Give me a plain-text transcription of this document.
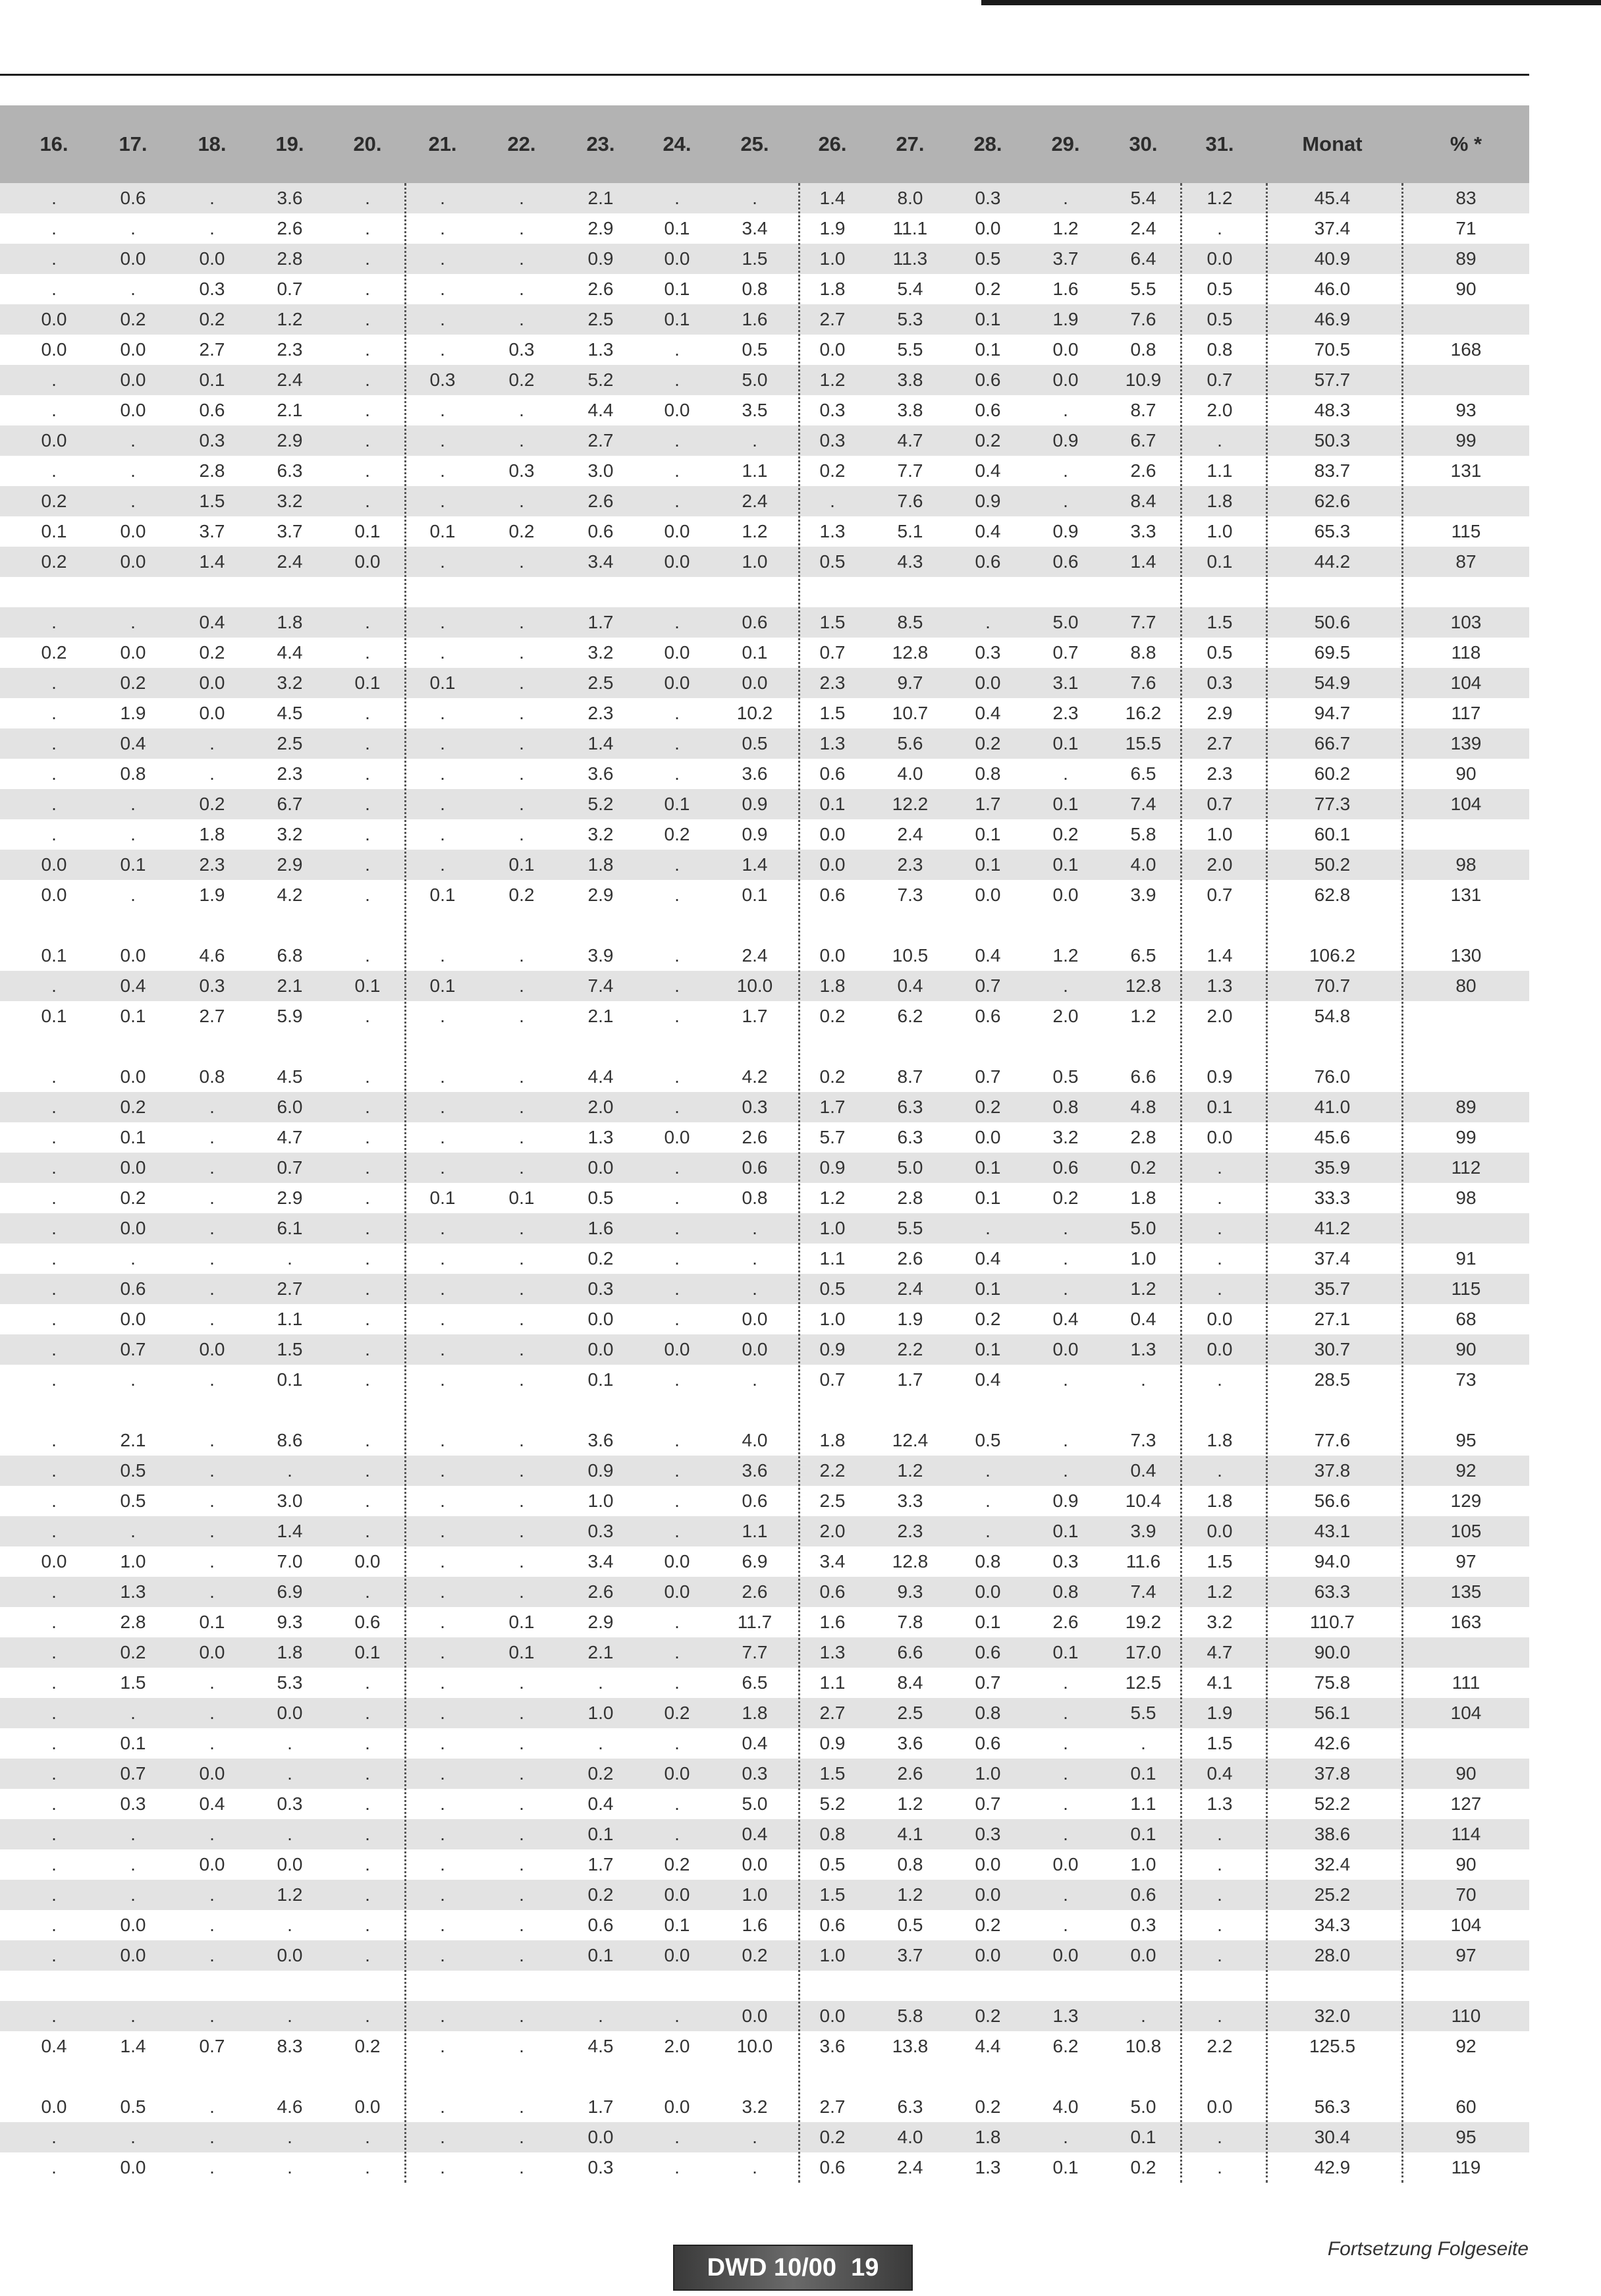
16.	17.	18.	19.	20.	21.	22.	23.	24.	25.	26.	27.	28.	29.	30.	31.	Monat	% *
.	0.6	.	3.6	.	.	.	2.1	.	.	1.4	8.0	0.3	.	5.4	1.2	45.4	83
.	.	.	2.6	.	.	.	2.9	0.1	3.4	1.9	11.1	0.0	1.2	2.4	.	37.4	71
.	0.0	0.0	2.8	.	.	.	0.9	0.0	1.5	1.0	11.3	0.5	3.7	6.4	0.0	40.9	89
.	.	0.3	0.7	.	.	.	2.6	0.1	0.8	1.8	5.4	0.2	1.6	5.5	0.5	46.0	90
0.0	0.2	0.2	1.2	.	.	.	2.5	0.1	1.6	2.7	5.3	0.1	1.9	7.6	0.5	46.9
0.0	0.0	2.7	2.3	.	.	0.3	1.3	.	0.5	0.0	5.5	0.1	0.0	0.8	0.8	70.5	168
.	0.0	0.1	2.4	.	0.3	0.2	5.2	.	5.0	1.2	3.8	0.6	0.0	10.9	0.7	57.7
.	0.0	0.6	2.1	.	.	.	4.4	0.0	3.5	0.3	3.8	0.6	.	8.7	2.0	48.3	93
0.0	.	0.3	2.9	.	.	.	2.7	.	.	0.3	4.7	0.2	0.9	6.7	.	50.3	99
.	.	2.8	6.3	.	.	0.3	3.0	.	1.1	0.2	7.7	0.4	.	2.6	1.1	83.7	131
0.2	.	1.5	3.2	.	.	.	2.6	.	2.4	.	7.6	0.9	.	8.4	1.8	62.6
0.1	0.0	3.7	3.7	0.1	0.1	0.2	0.6	0.0	1.2	1.3	5.1	0.4	0.9	3.3	1.0	65.3	115
0.2	0.0	1.4	2.4	0.0	.	.	3.4	0.0	1.0	0.5	4.3	0.6	0.6	1.4	0.1	44.2	87
.	.	0.4	1.8	.	.	.	1.7	.	0.6	1.5	8.5	.	5.0	7.7	1.5	50.6	103
0.2	0.0	0.2	4.4	.	.	.	3.2	0.0	0.1	0.7	12.8	0.3	0.7	8.8	0.5	69.5	118
.	0.2	0.0	3.2	0.1	0.1	.	2.5	0.0	0.0	2.3	9.7	0.0	3.1	7.6	0.3	54.9	104
.	1.9	0.0	4.5	.	.	.	2.3	.	10.2	1.5	10.7	0.4	2.3	16.2	2.9	94.7	117
.	0.4	.	2.5	.	.	.	1.4	.	0.5	1.3	5.6	0.2	0.1	15.5	2.7	66.7	139
.	0.8	.	2.3	.	.	.	3.6	.	3.6	0.6	4.0	0.8	.	6.5	2.3	60.2	90
.	.	0.2	6.7	.	.	.	5.2	0.1	0.9	0.1	12.2	1.7	0.1	7.4	0.7	77.3	104
.	.	1.8	3.2	.	.	.	3.2	0.2	0.9	0.0	2.4	0.1	0.2	5.8	1.0	60.1
0.0	0.1	2.3	2.9	.	.	0.1	1.8	.	1.4	0.0	2.3	0.1	0.1	4.0	2.0	50.2	98
0.0	.	1.9	4.2	.	0.1	0.2	2.9	.	0.1	0.6	7.3	0.0	0.0	3.9	0.7	62.8	131
0.1	0.0	4.6	6.8	.	.	.	3.9	.	2.4	0.0	10.5	0.4	1.2	6.5	1.4	106.2	130
.	0.4	0.3	2.1	0.1	0.1	.	7.4	.	10.0	1.8	0.4	0.7	.	12.8	1.3	70.7	80
0.1	0.1	2.7	5.9	.	.	.	2.1	.	1.7	0.2	6.2	0.6	2.0	1.2	2.0	54.8
.	0.0	0.8	4.5	.	.	.	4.4	.	4.2	0.2	8.7	0.7	0.5	6.6	0.9	76.0
.	0.2	.	6.0	.	.	.	2.0	.	0.3	1.7	6.3	0.2	0.8	4.8	0.1	41.0	89
.	0.1	.	4.7	.	.	.	1.3	0.0	2.6	5.7	6.3	0.0	3.2	2.8	0.0	45.6	99
.	0.0	.	0.7	.	.	.	0.0	.	0.6	0.9	5.0	0.1	0.6	0.2	.	35.9	112
.	0.2	.	2.9	.	0.1	0.1	0.5	.	0.8	1.2	2.8	0.1	0.2	1.8	.	33.3	98
.	0.0	.	6.1	.	.	.	1.6	.	.	1.0	5.5	.	.	5.0	.	41.2
.	.	.	.	.	.	.	0.2	.	.	1.1	2.6	0.4	.	1.0	.	37.4	91
.	0.6	.	2.7	.	.	.	0.3	.	.	0.5	2.4	0.1	.	1.2	.	35.7	115
.	0.0	.	1.1	.	.	.	0.0	.	0.0	1.0	1.9	0.2	0.4	0.4	0.0	27.1	68
.	0.7	0.0	1.5	.	.	.	0.0	0.0	0.0	0.9	2.2	0.1	0.0	1.3	0.0	30.7	90
.	.	.	0.1	.	.	.	0.1	.	.	0.7	1.7	0.4	.	.	.	28.5	73
.	2.1	.	8.6	.	.	.	3.6	.	4.0	1.8	12.4	0.5	.	7.3	1.8	77.6	95
.	0.5	.	.	.	.	.	0.9	.	3.6	2.2	1.2	.	.	0.4	.	37.8	92
.	0.5	.	3.0	.	.	.	1.0	.	0.6	2.5	3.3	.	0.9	10.4	1.8	56.6	129
.	.	.	1.4	.	.	.	0.3	.	1.1	2.0	2.3	.	0.1	3.9	0.0	43.1	105
0.0	1.0	.	7.0	0.0	.	.	3.4	0.0	6.9	3.4	12.8	0.8	0.3	11.6	1.5	94.0	97
.	1.3	.	6.9	.	.	.	2.6	0.0	2.6	0.6	9.3	0.0	0.8	7.4	1.2	63.3	135
.	2.8	0.1	9.3	0.6	.	0.1	2.9	.	11.7	1.6	7.8	0.1	2.6	19.2	3.2	110.7	163
.	0.2	0.0	1.8	0.1	.	0.1	2.1	.	7.7	1.3	6.6	0.6	0.1	17.0	4.7	90.0
.	1.5	.	5.3	.	.	.	.	.	6.5	1.1	8.4	0.7	.	12.5	4.1	75.8	111
.	.	.	0.0	.	.	.	1.0	0.2	1.8	2.7	2.5	0.8	.	5.5	1.9	56.1	104
.	0.1	.	.	.	.	.	.	.	0.4	0.9	3.6	0.6	.	.	1.5	42.6
.	0.7	0.0	.	.	.	.	0.2	0.0	0.3	1.5	2.6	1.0	.	0.1	0.4	37.8	90
.	0.3	0.4	0.3	.	.	.	0.4	.	5.0	5.2	1.2	0.7	.	1.1	1.3	52.2	127
.	.	.	.	.	.	.	0.1	.	0.4	0.8	4.1	0.3	.	0.1	.	38.6	114
.	.	0.0	0.0	.	.	.	1.7	0.2	0.0	0.5	0.8	0.0	0.0	1.0	.	32.4	90
.	.	.	1.2	.	.	.	0.2	0.0	1.0	1.5	1.2	0.0	.	0.6	.	25.2	70
.	0.0	.	.	.	.	.	0.6	0.1	1.6	0.6	0.5	0.2	.	0.3	.	34.3	104
.	0.0	.	0.0	.	.	.	0.1	0.0	0.2	1.0	3.7	0.0	0.0	0.0	.	28.0	97
.	.	.	.	.	.	.	.	.	0.0	0.0	5.8	0.2	1.3	.	.	32.0	110
0.4	1.4	0.7	8.3	0.2	.	.	4.5	2.0	10.0	3.6	13.8	4.4	6.2	10.8	2.2	125.5	92
0.0	0.5	.	4.6	0.0	.	.	1.7	0.0	3.2	2.7	6.3	0.2	4.0	5.0	0.0	56.3	60
.	.	.	.	.	.	.	0.0	.	.	0.2	4.0	1.8	.	0.1	.	30.4	95
.	0.0	.	.	.	.	.	0.3	.	.	0.6	2.4	1.3	0.1	0.2	.	42.9	119
DWD 10/00 19
Fortsetzung Folgeseite
